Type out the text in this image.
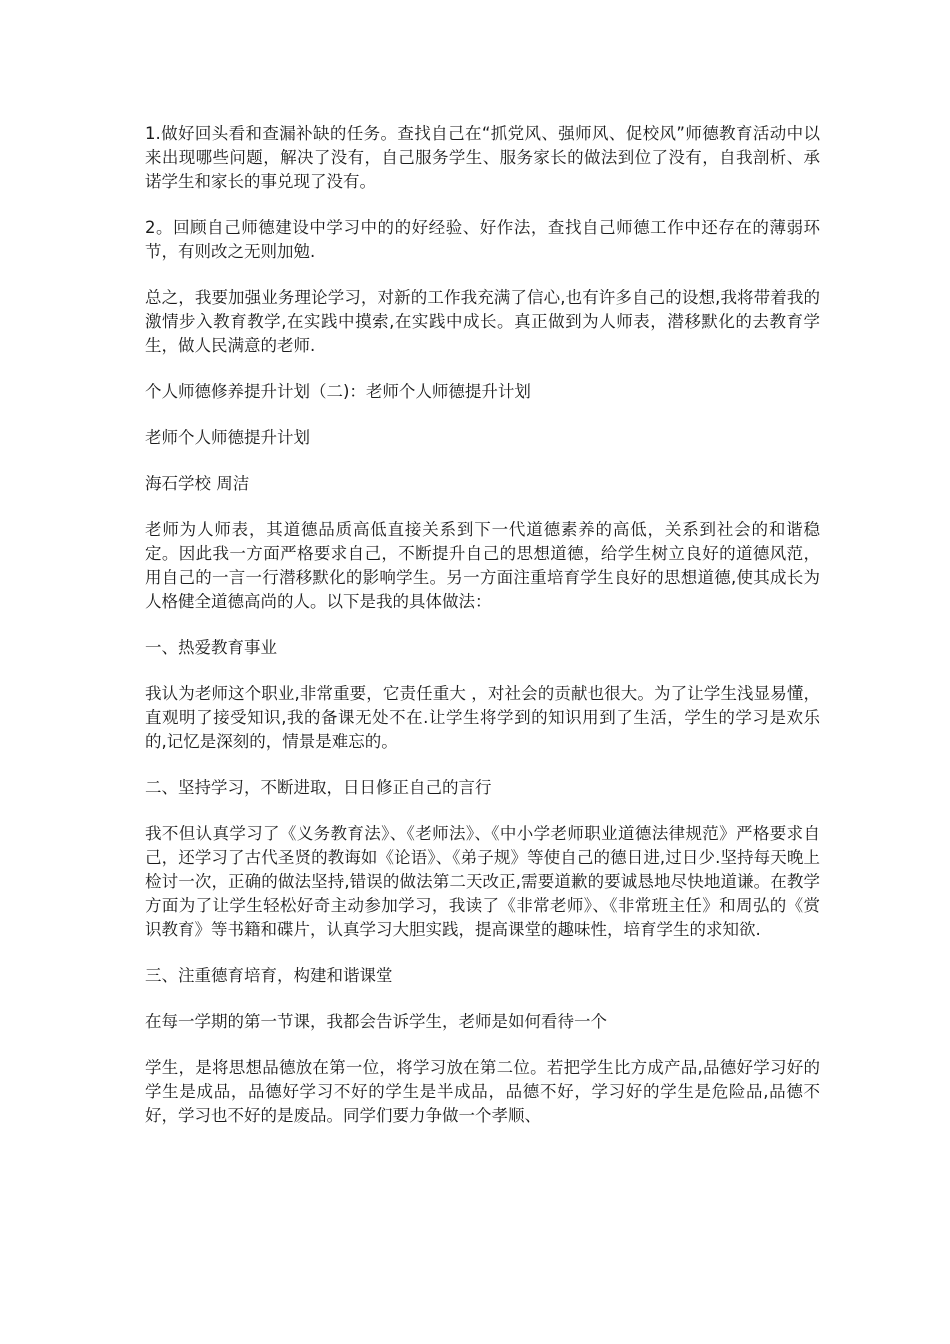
1.做好回头看和查漏补缺的任务。查找自己在“抓党风、强师风、促校风”师德教育活动中以来出现哪些问题，解决了没有，自己服务学生、服务家长的做法到位了没有，自我剖析、承诺学生和家长的事兑现了没有。

2。回顾自己师德建设中学习中的的好经验、好作法，查找自己师德工作中还存在的薄弱环节，有则改之无则加勉.

总之，我要加强业务理论学习，对新的工作我充满了信心,也有许多自己的设想,我将带着我的激情步入教育教学,在实践中摸索,在实践中成长。真正做到为人师表，潜移默化的去教育学生，做人民满意的老师.

个人师德修养提升计划（二)：老师个人师德提升计划

老师个人师德提升计划

海石学校 周洁

老师为人师表，其道德品质高低直接关系到下一代道德素养的高低，关系到社会的和谐稳定。因此我一方面严格要求自己，不断提升自己的思想道德，给学生树立良好的道德风范，用自己的一言一行潜移默化的影响学生。另一方面注重培育学生良好的思想道德,使其成长为人格健全道德高尚的人。以下是我的具体做法：

一、热爱教育事业

我认为老师这个职业,非常重要，它责任重大 ，对社会的贡献也很大。为了让学生浅显易懂，直观明了接受知识,我的备课无处不在.让学生将学到的知识用到了生活，学生的学习是欢乐的,记忆是深刻的，情景是难忘的。

二、坚持学习，不断进取，日日修正自己的言行

我不但认真学习了《义务教育法》、《老师法》、《中小学老师职业道德法律规范》严格要求自己，还学习了古代圣贤的教诲如《论语》、《弟子规》等使自己的德日进,过日少.坚持每天晚上检讨一次，正确的做法坚持,错误的做法第二天改正,需要道歉的要诚恳地尽快地道谦。在教学方面为了让学生轻松好奇主动参加学习，我读了《非常老师》、《非常班主任》和周弘的《赏识教育》等书籍和碟片，认真学习大胆实践，提高课堂的趣味性，培育学生的求知欲.

三、注重德育培育，构建和谐课堂

在每一学期的第一节课，我都会告诉学生，老师是如何看待一个

学生，是将思想品德放在第一位，将学习放在第二位。若把学生比方成产品,品德好学习好的学生是成品，品德好学习不好的学生是半成品，品德不好，学习好的学生是危险品,品德不好，学习也不好的是废品。同学们要力争做一个孝顺、
